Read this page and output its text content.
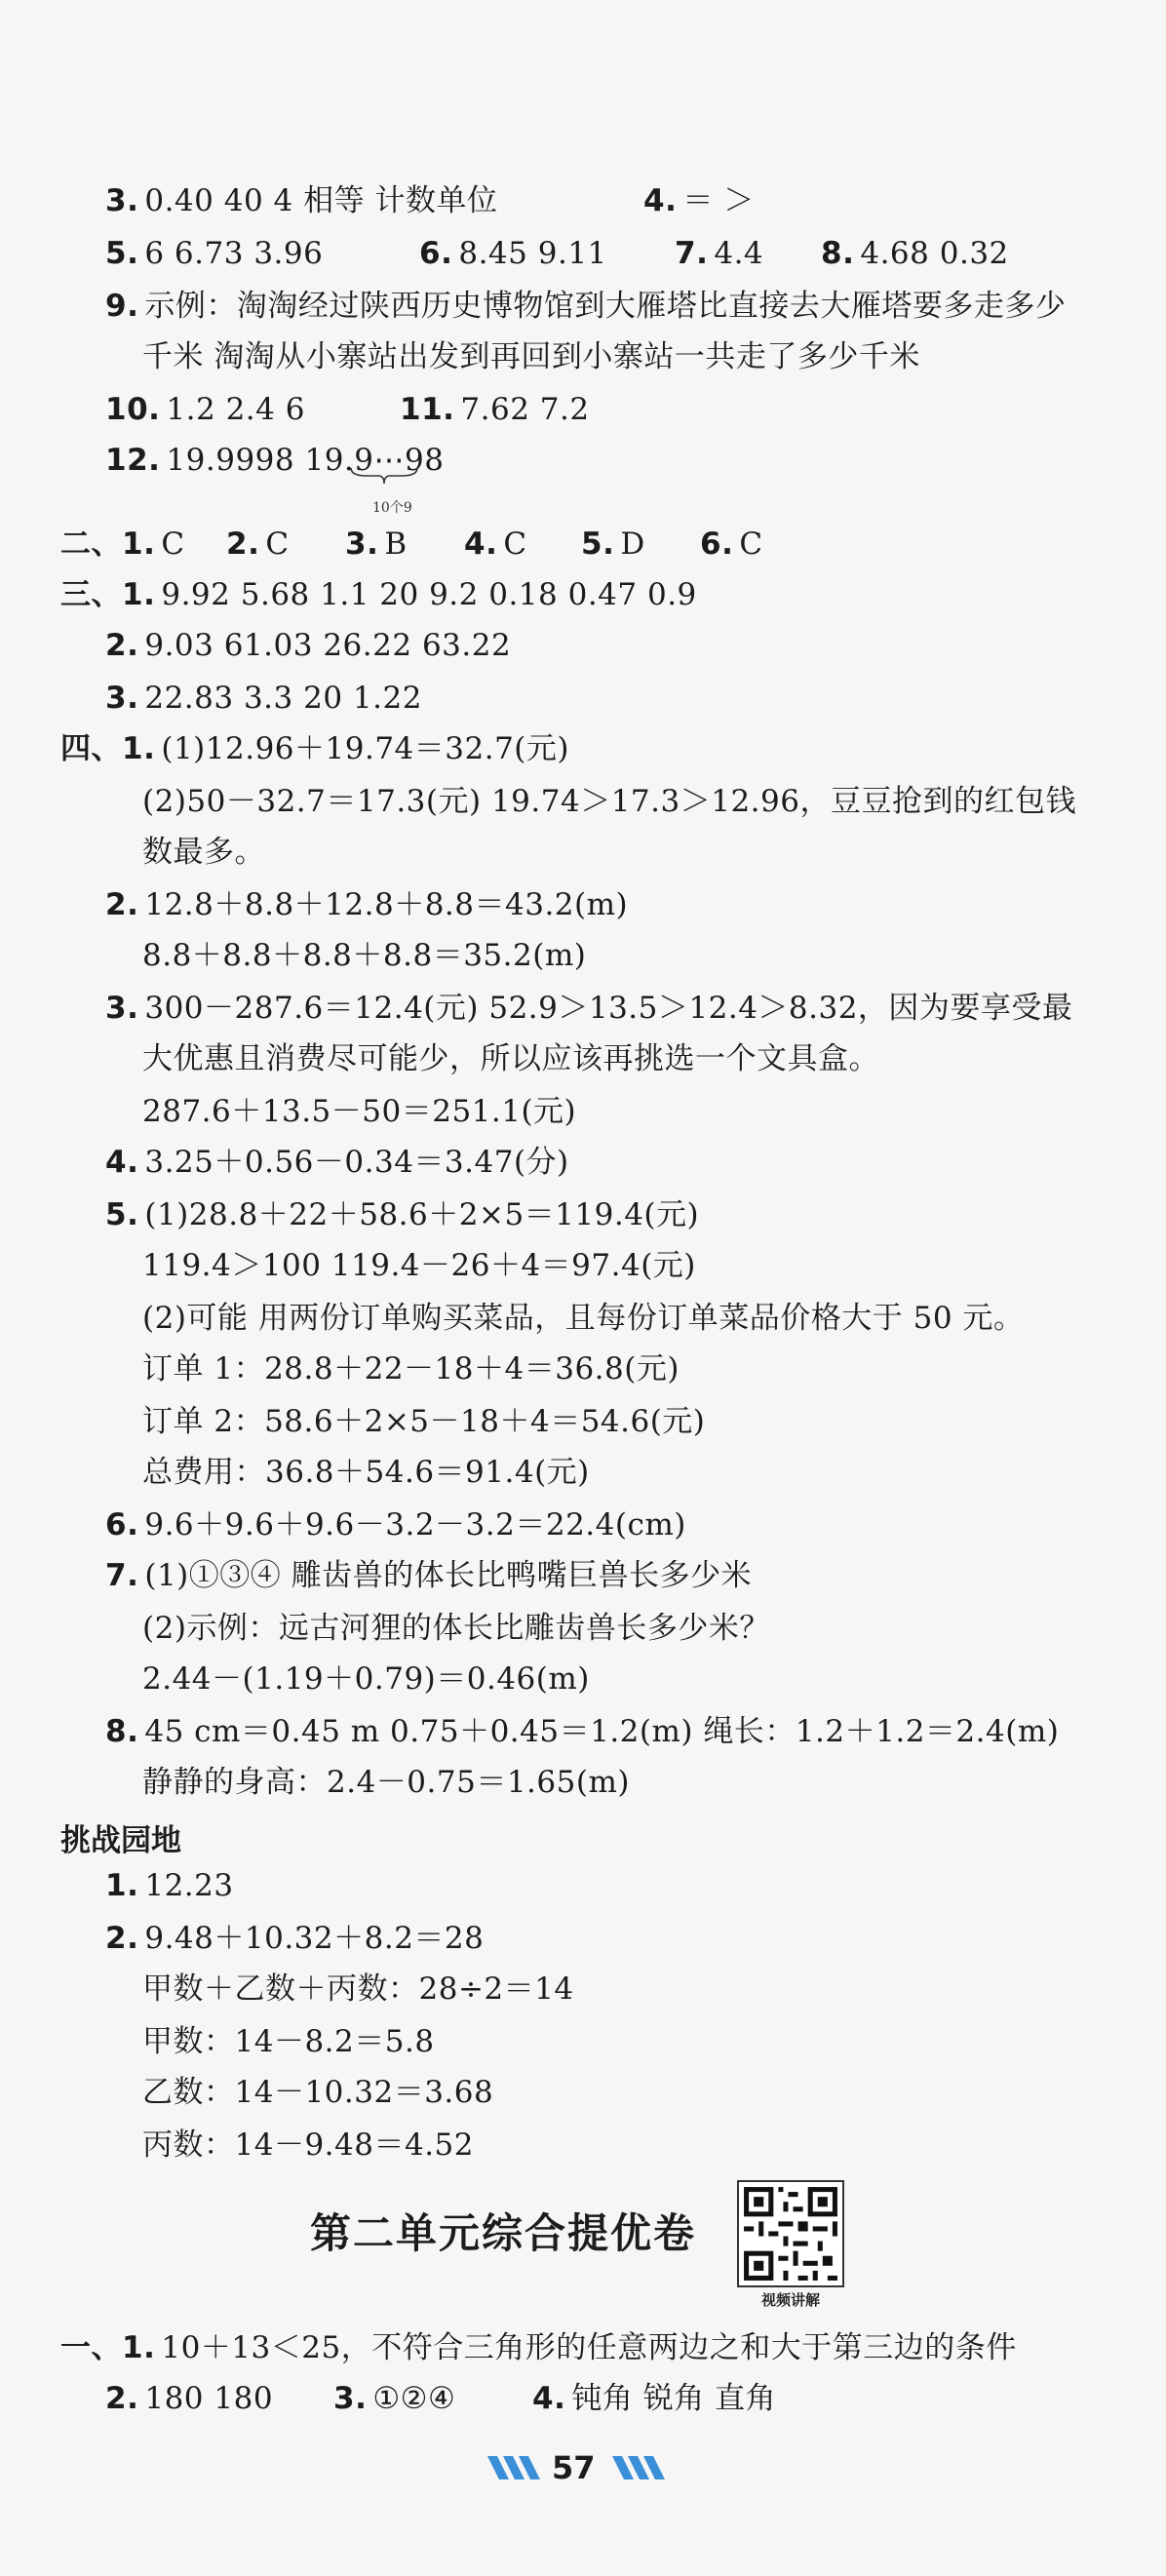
3. 0.40 40 4 相等 计数单位	4. ＝ ＞
5. 6 6.73 3.96	6. 8.45 9.11 7. 4.4 8. 4.68 0.32
9. 示例：淘淘经过陕西历史博物馆到大雁塔比直接去大雁塔要多走多少
千米 淘淘从小寨站出发到再回到小寨站一共走了多少千米
10. 1.2 2.4 6	11. 7.62 7.2
12. 19.9998 19.9⋯98
10个9
二、1. C 2. C 3. B 4. C 5. D 6. C
三、1. 9.92 5.68 1.1 20 9.2 0.18 0.47 0.9
2. 9.03 61.03 26.22 63.22
3. 22.83 3.3 20 1.22
四、1. (1)12.96＋19.74＝32.7(元)
(2)50－32.7＝17.3(元) 19.74＞17.3＞12.96，豆豆抢到的红包钱
数最多。
2. 12.8＋8.8＋12.8＋8.8＝43.2(m)
8.8＋8.8＋8.8＋8.8＝35.2(m)
3. 300－287.6＝12.4(元) 52.9＞13.5＞12.4＞8.32，因为要享受最
大优惠且消费尽可能少，所以应该再挑选一个文具盒。
287.6＋13.5－50＝251.1(元)
4. 3.25＋0.56－0.34＝3.47(分)
5. (1)28.8＋22＋58.6＋2×5＝119.4(元)
119.4＞100 119.4－26＋4＝97.4(元)
(2)可能 用两份订单购买菜品，且每份订单菜品价格大于 50 元。
订单 1：28.8＋22－18＋4＝36.8(元)
订单 2：58.6＋2×5－18＋4＝54.6(元)
总费用：36.8＋54.6＝91.4(元)
6. 9.6＋9.6＋9.6－3.2－3.2＝22.4(cm)
7. (1)①③④ 雕齿兽的体长比鸭嘴巨兽长多少米
(2)示例：远古河狸的体长比雕齿兽长多少米？
2.44－(1.19＋0.79)＝0.46(m)
8. 45 cm＝0.45 m 0.75＋0.45＝1.2(m) 绳长：1.2＋1.2＝2.4(m)
静静的身高：2.4－0.75＝1.65(m)
挑战园地
1. 12.23
2. 9.48＋10.32＋8.2＝28
甲数＋乙数＋丙数：28÷2＝14
甲数：14－8.2＝5.8
乙数：14－10.32＝3.68
丙数：14－9.48＝4.52
第二单元综合提优卷
视频讲解
一、1. 10＋13＜25，不符合三角形的任意两边之和大于第三边的条件
2. 180 180 3. ①②④	4. 钝角 锐角 直角
57
